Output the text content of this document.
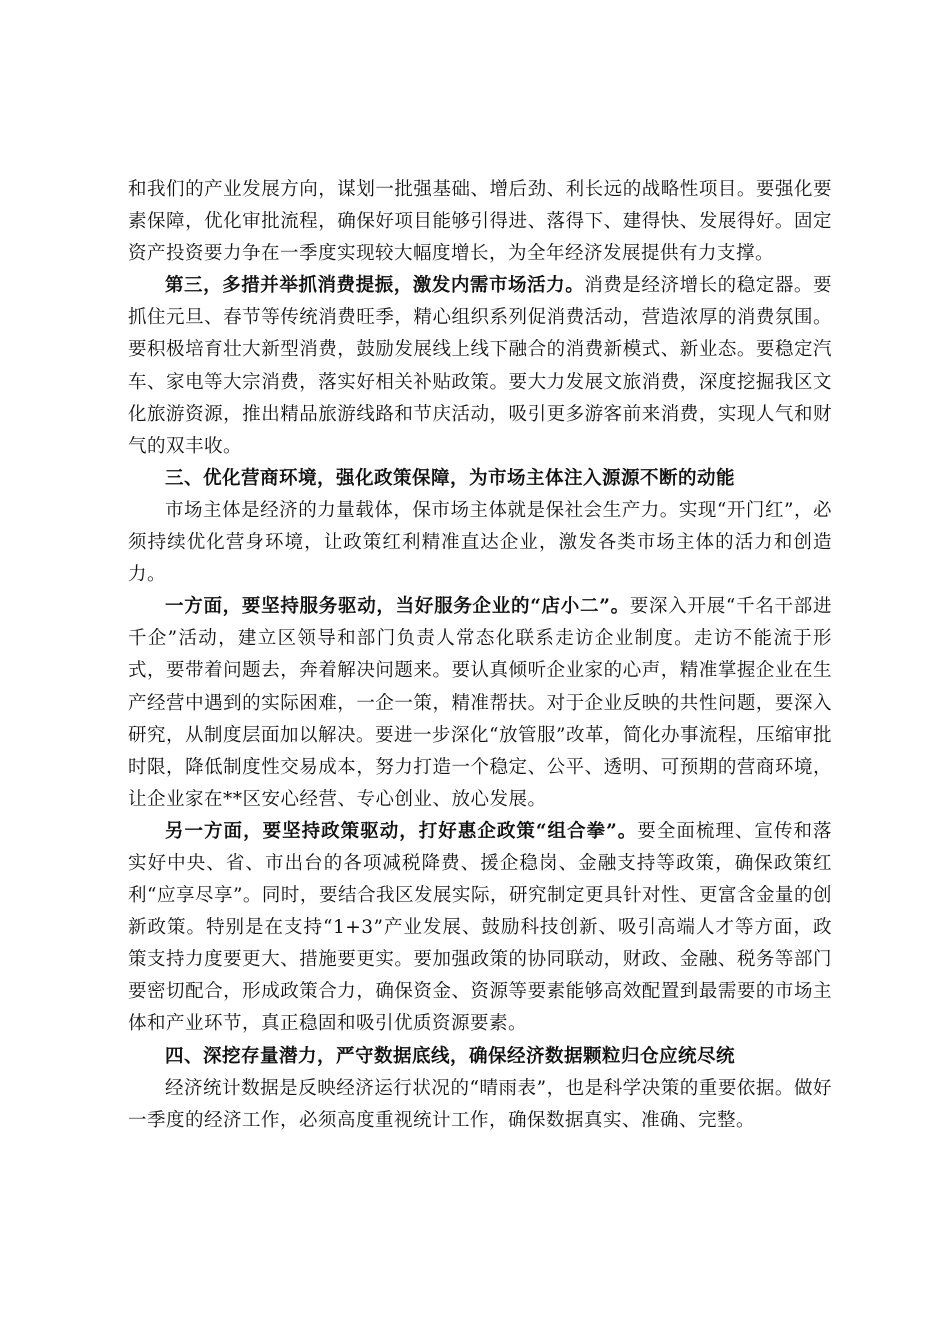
和我们的产业发展方向，谋划一批强基础、增后劲、利长远的战略性项目。要强化要素保障，优化审批流程，确保好项目能够引得进、落得下、建得快、发展得好。固定资产投资要力争在一季度实现较大幅度增长，为全年经济发展提供有力支撑。

第三，多措并举抓消费提振，激发内需市场活力。消费是经济增长的稳定器。要抓住元旦、春节等传统消费旺季，精心组织系列促消费活动，营造浓厚的消费氛围。要积极培育壮大新型消费，鼓励发展线上线下融合的消费新模式、新业态。要稳定汽车、家电等大宗消费，落实好相关补贴政策。要大力发展文旅消费，深度挖掘我区文化旅游资源，推出精品旅游线路和节庆活动，吸引更多游客前来消费，实现人气和财气的双丰收。

三、优化营商环境，强化政策保障，为市场主体注入源源不断的动能

市场主体是经济的力量载体，保市场主体就是保社会生产力。实现“开门红”，必须持续优化营身环境，让政策红利精准直达企业，激发各类市场主体的活力和创造力。

一方面，要坚持服务驱动，当好服务企业的“店小二”。要深入开展“千名干部进千企”活动，建立区领导和部门负责人常态化联系走访企业制度。走访不能流于形式，要带着问题去，奔着解决问题来。要认真倾听企业家的心声，精准掌握企业在生产经营中遇到的实际困难，一企一策，精准帮扶。对于企业反映的共性问题，要深入研究，从制度层面加以解决。要进一步深化“放管服”改革，简化办事流程，压缩审批时限，降低制度性交易成本，努力打造一个稳定、公平、透明、可预期的营商环境，让企业家在**区安心经营、专心创业、放心发展。

另一方面，要坚持政策驱动，打好惠企政策“组合拳”。要全面梳理、宣传和落实好中央、省、市出台的各项减税降费、援企稳岗、金融支持等政策，确保政策红利“应享尽享”。同时，要结合我区发展实际，研究制定更具针对性、更富含金量的创新政策。特别是在支持“1+3”产业发展、鼓励科技创新、吸引高端人才等方面，政策支持力度要更大、措施要更实。要加强政策的协同联动，财政、金融、税务等部门要密切配合，形成政策合力，确保资金、资源等要素能够高效配置到最需要的市场主体和产业环节，真正稳固和吸引优质资源要素。

四、深挖存量潜力，严守数据底线，确保经济数据颗粒归仓应统尽统

经济统计数据是反映经济运行状况的“晴雨表”，也是科学决策的重要依据。做好一季度的经济工作，必须高度重视统计工作，确保数据真实、准确、完整。
